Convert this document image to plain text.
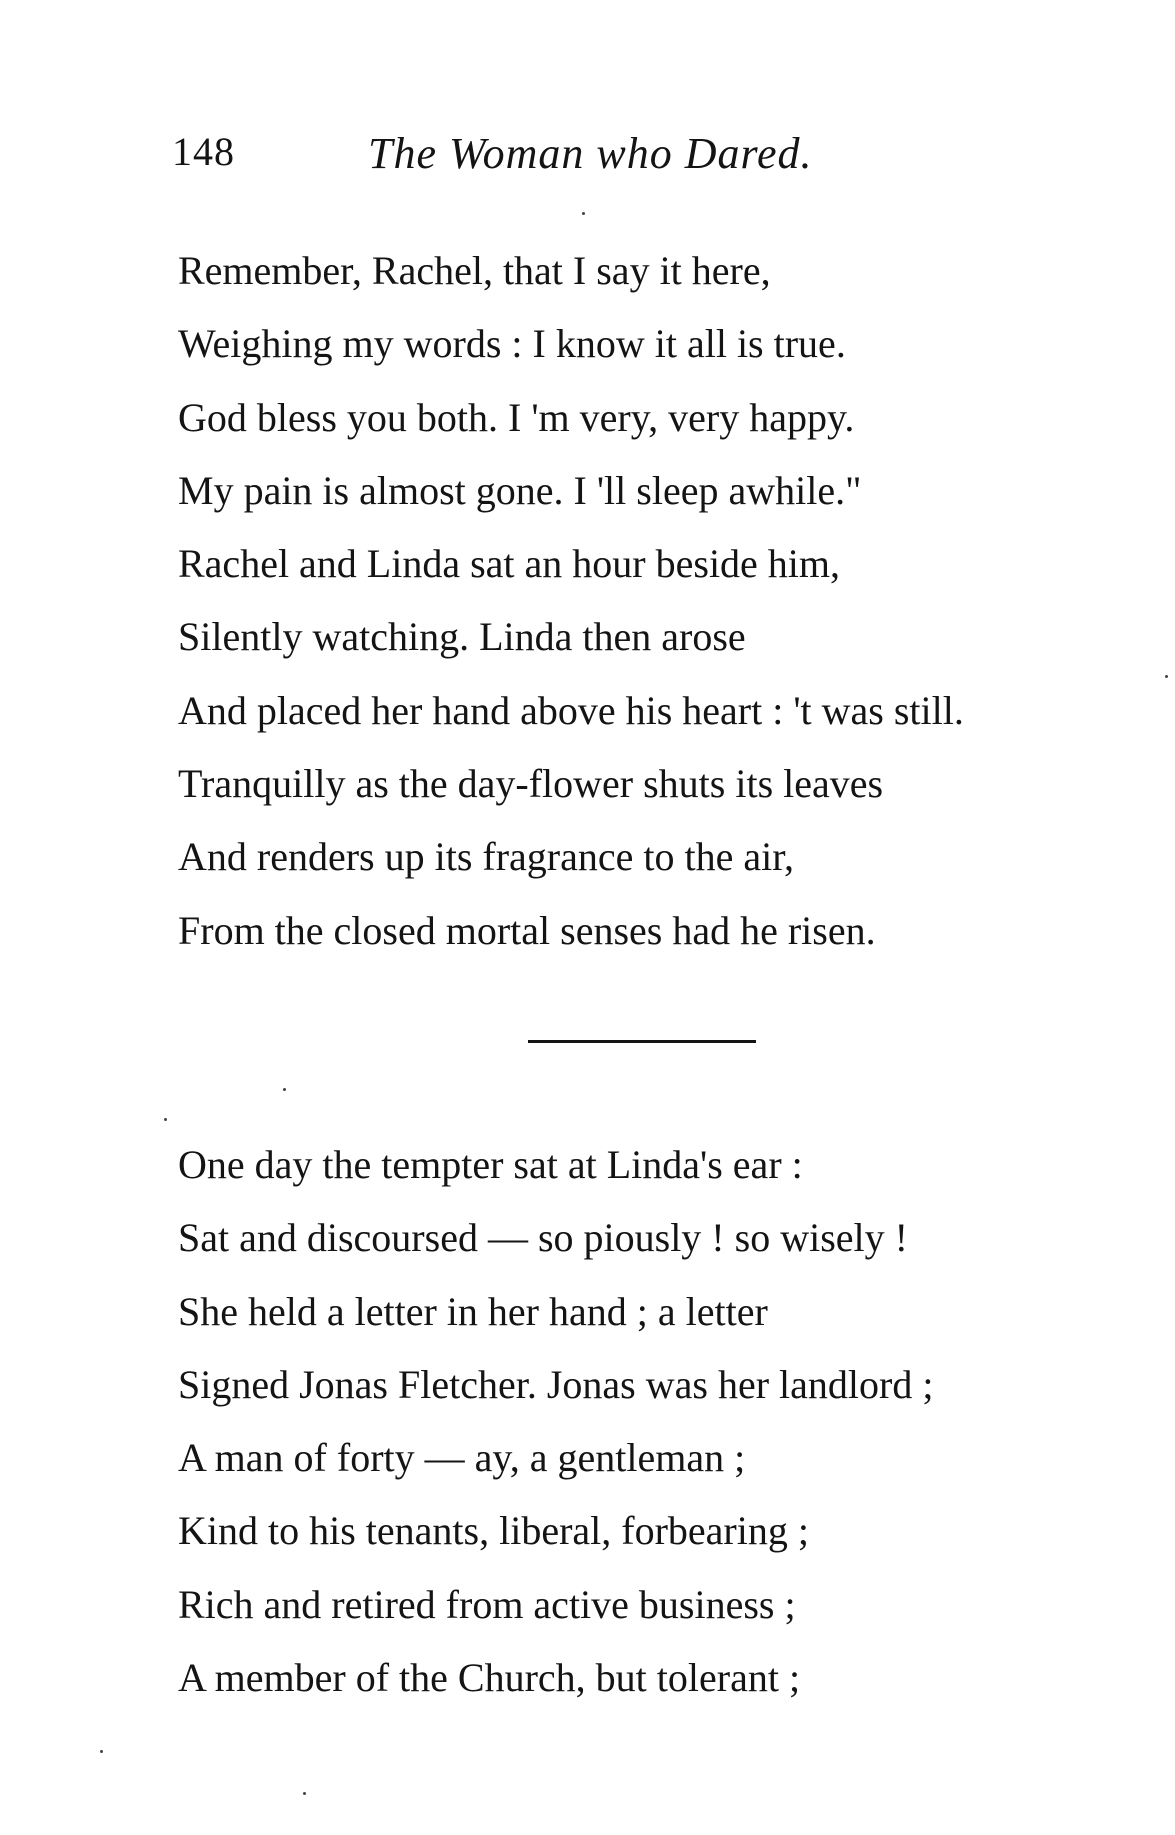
148	The Woman who Dared.
Remember, Rachel, that I say it here,
Weighing my words : I know it all is true.
God bless you both. I 'm very, very happy.
My pain is almost gone. I 'll sleep awhile."
Rachel and Linda sat an hour beside him,
Silently watching. Linda then arose
And placed her hand above his heart : 't was still.
Tranquilly as the day-flower shuts its leaves
And renders up its fragrance to the air,
From the closed mortal senses had he risen.
One day the tempter sat at Linda's ear :
Sat and discoursed — so piously ! so wisely !
She held a letter in her hand ; a letter
Signed Jonas Fletcher. Jonas was her landlord ;
A man of forty — ay, a gentleman ;
Kind to his tenants, liberal, forbearing ;
Rich and retired from active business ;
A member of the Church, but tolerant ;
